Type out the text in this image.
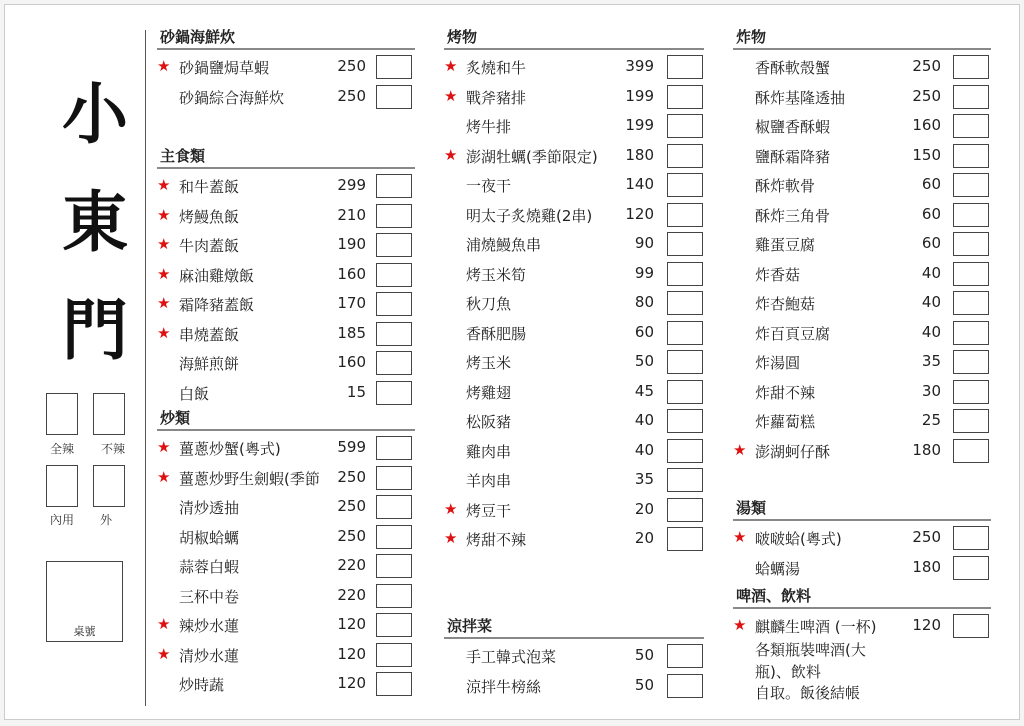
小
東
門
全辣 不辣
內用 外
桌號
砂鍋海鮮炊
★ 砂鍋鹽焗草蝦	250
砂鍋綜合海鮮炊	250
主食類
★ 和牛蓋飯	299
★ 烤鰻魚飯	210
★ 牛肉蓋飯	190
★ 麻油雞燉飯	160
★ 霜降豬蓋飯	170
★ 串燒蓋飯	185
海鮮煎餅	160
白飯	15
炒類
★ 薑蔥炒蟹(粵式)	599
★ 薑蔥炒野生劍蝦(季節	250
清炒透抽	250
胡椒蛤蠣	250
蒜蓉白蝦	220
三杯中卷	220
★ 辣炒水蓮	120
★ 清炒水蓮	120
炒時蔬	120
烤物
★ 炙燒和牛	399
★ 戰斧豬排	199
烤牛排	199
★ 澎湖牡蠣(季節限定)	180
一夜干	140
明太子炙燒雞(2串)	120
浦燒鰻魚串	90
烤玉米筍	99
秋刀魚	80
香酥肥腸	60
烤玉米	50
烤雞翅	45
松阪豬	40
雞肉串	40
羊肉串	35
★ 烤豆干	20
★ 烤甜不辣	20
涼拌菜
手工韓式泡菜	50
涼拌牛榜絲	50
炸物
香酥軟殼蟹	250
酥炸基隆透抽	250
椒鹽香酥蝦	160
鹽酥霜降豬	150
酥炸軟骨	60
酥炸三角骨	60
雞蛋豆腐	60
炸香菇	40
炸杏鮑菇	40
炸百頁豆腐	40
炸湯圓	35
炸甜不辣	30
炸蘿蔔糕	25
★ 澎湖蚵仔酥	180
湯類
★ 啵啵蛤(粵式)	250
蛤蠣湯	180
啤酒、飲料
★ 麒麟生啤酒 (一杯)	120
各類瓶裝啤酒(大
瓶)、飲料
自取。飯後結帳
